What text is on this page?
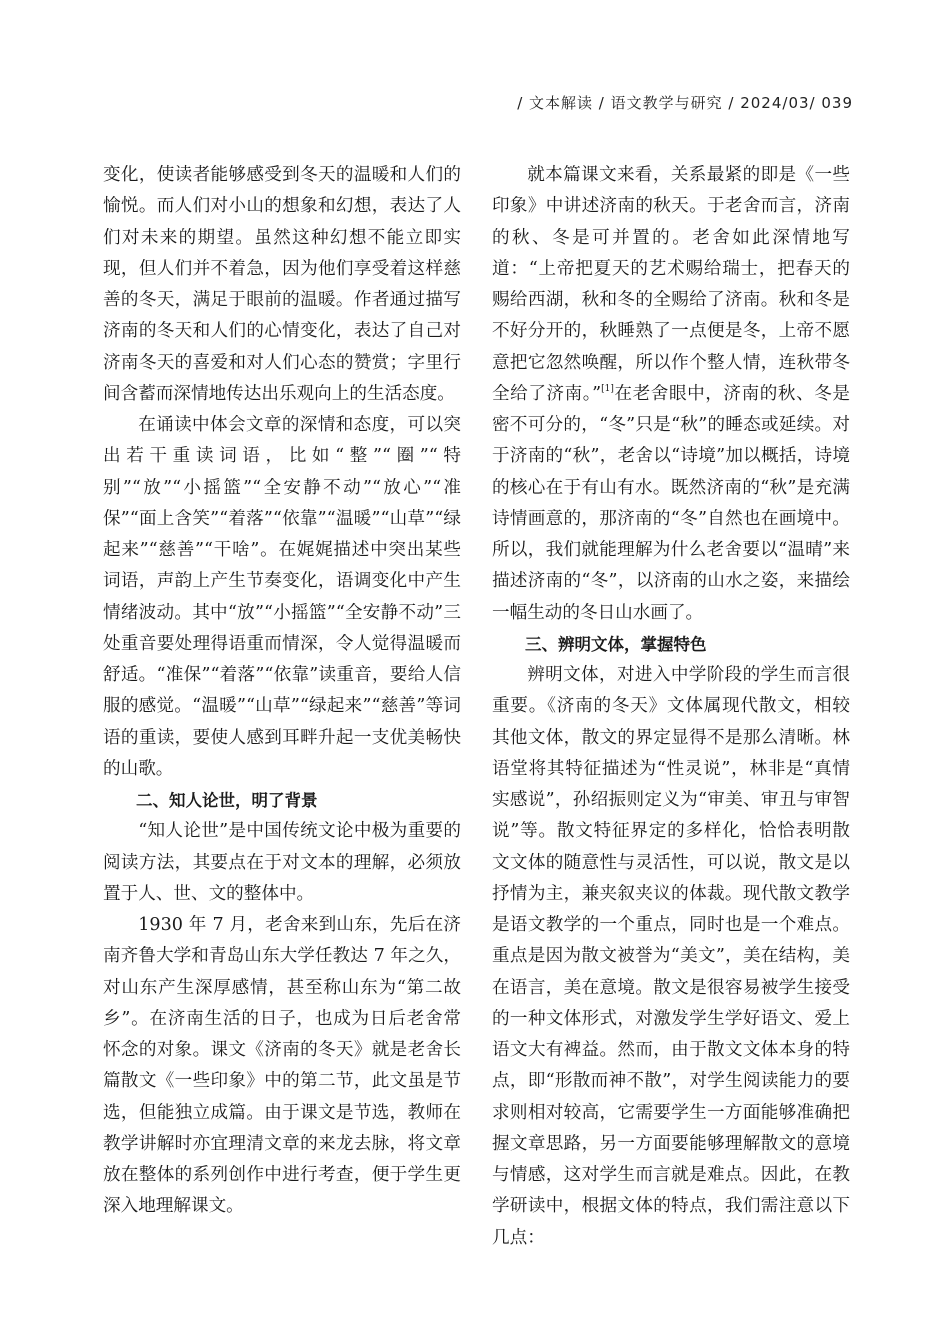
/ 文本解读 / 语文教学与研究 / 2024/03/ 039

变化，使读者能够感受到冬天的温暖和人们的愉悦。而人们对小山的想象和幻想，表达了人们对未来的期望。虽然这种幻想不能立即实现，但人们并不着急，因为他们享受着这样慈善的冬天，满足于眼前的温暖。作者通过描写济南的冬天和人们的心情变化，表达了自己对济南冬天的喜爱和对人们心态的赞赏；字里行间含蓄而深情地传达出乐观向上的生活态度。

在诵读中体会文章的深情和态度，可以突出若干重读词语，比如“整”“圈”“特别”“放”“小摇篮”“全安静不动”“放心”“准保”“面上含笑”“着落”“依靠”“温暖”“山草”“绿起来”“慈善”“干啥”。在娓娓描述中突出某些词语，声韵上产生节奏变化，语调变化中产生情绪波动。其中“放”“小摇篮”“全安静不动”三处重音要处理得语重而情深，令人觉得温暖而舒适。“准保”“着落”“依靠”读重音，要给人信服的感觉。“温暖”“山草”“绿起来”“慈善”等词语的重读，要使人感到耳畔升起一支优美畅快的山歌。

二、知人论世，明了背景

“知人论世”是中国传统文论中极为重要的阅读方法，其要点在于对文本的理解，必须放置于人、世、文的整体中。

1930 年 7 月，老舍来到山东，先后在济南齐鲁大学和青岛山东大学任教达 7 年之久，对山东产生深厚感情，甚至称山东为“第二故乡”。在济南生活的日子，也成为日后老舍常怀念的对象。课文《济南的冬天》就是老舍长篇散文《一些印象》中的第二节，此文虽是节选，但能独立成篇。由于课文是节选，教师在教学讲解时亦宜理清文章的来龙去脉，将文章放在整体的系列创作中进行考查，便于学生更深入地理解课文。

就本篇课文来看，关系最紧的即是《一些印象》中讲述济南的秋天。于老舍而言，济南的秋、冬是可并置的。老舍如此深情地写道：“上帝把夏天的艺术赐给瑞士，把春天的赐给西湖，秋和冬的全赐给了济南。秋和冬是不好分开的，秋睡熟了一点便是冬，上帝不愿意把它忽然唤醒，所以作个整人情，连秋带冬全给了济南。”[1]在老舍眼中，济南的秋、冬是密不可分的，“冬”只是“秋”的睡态或延续。对于济南的“秋”，老舍以“诗境”加以概括，诗境的核心在于有山有水。既然济南的“秋”是充满诗情画意的，那济南的“冬”自然也在画境中。所以，我们就能理解为什么老舍要以“温晴”来描述济南的“冬”，以济南的山水之姿，来描绘一幅生动的冬日山水画了。

三、辨明文体，掌握特色

辨明文体，对进入中学阶段的学生而言很重要。《济南的冬天》文体属现代散文，相较其他文体，散文的界定显得不是那么清晰。林语堂将其特征描述为“性灵说”，林非是“真情实感说”，孙绍振则定义为“审美、审丑与审智说”等。散文特征界定的多样化，恰恰表明散文文体的随意性与灵活性，可以说，散文是以抒情为主，兼夹叙夹议的体裁。现代散文教学是语文教学的一个重点，同时也是一个难点。重点是因为散文被誉为“美文”，美在结构，美在语言，美在意境。散文是很容易被学生接受的一种文体形式，对激发学生学好语文、爱上语文大有裨益。然而，由于散文文体本身的特点，即“形散而神不散”，对学生阅读能力的要求则相对较高，它需要学生一方面能够准确把握文章思路，另一方面要能够理解散文的意境与情感，这对学生而言就是难点。因此，在教学研读中，根据文体的特点，我们需注意以下几点：
